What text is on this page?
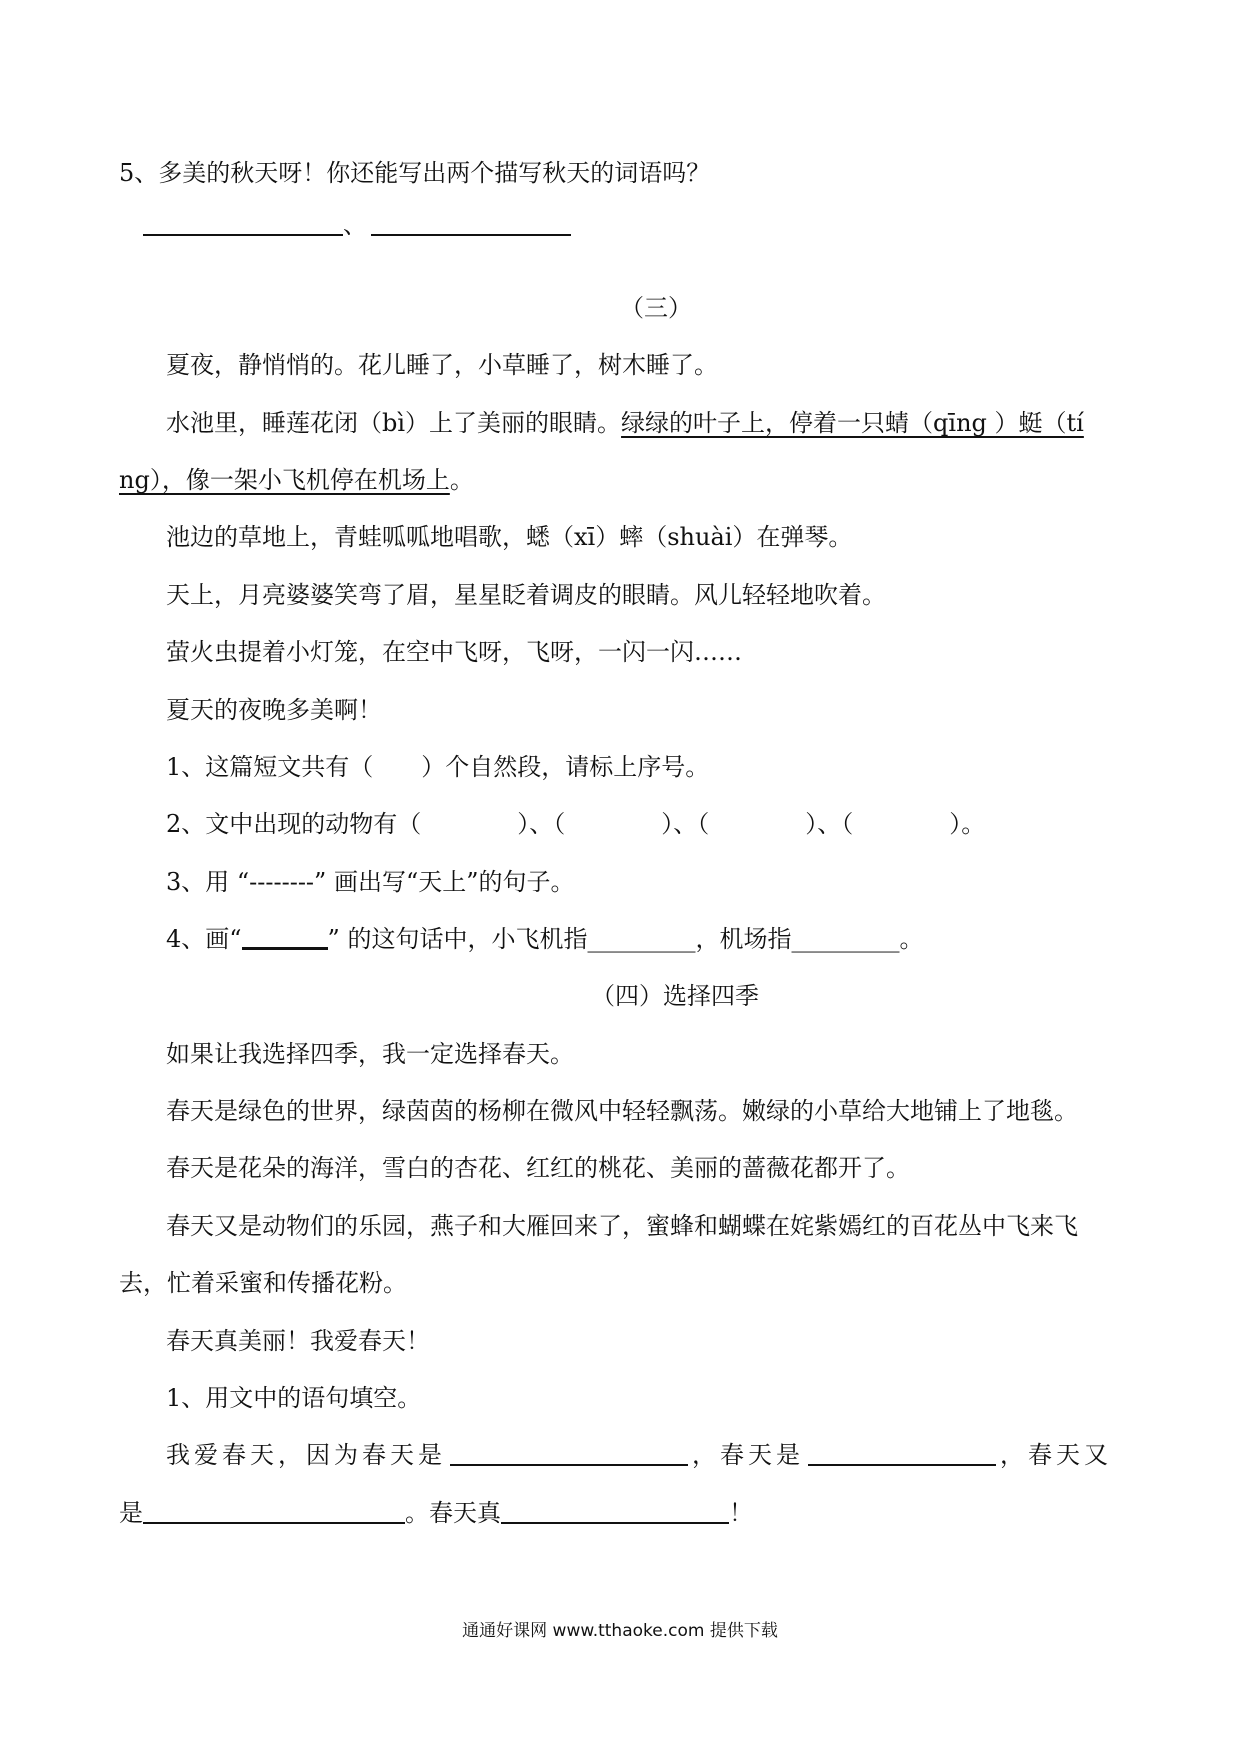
5、多美的秋天呀！你还能写出两个描写秋天的词语吗？
、
（三）
夏夜，静悄悄的。花儿睡了，小草睡了，树木睡了。
水池里，睡莲花闭（bì）上了美丽的眼睛。绿绿的叶子上，停着一只蜻（qīng ）蜓（tí
ng），像一架小飞机停在机场上。
池边的草地上，青蛙呱呱地唱歌，蟋（xī）蟀（shuài）在弹琴。
天上，月亮婆婆笑弯了眉，星星眨着调皮的眼睛。风儿轻轻地吹着。
萤火虫提着小灯笼，在空中飞呀，飞呀，一闪一闪……
夏天的夜晚多美啊！
1、这篇短文共有（　　）个自然段，请标上序号。
2、文中出现的动物有（　　　　）、（　　　　）、（　　　　）、（　　　　）。
3、用 “--------” 画出写“天上”的句子。
4、画“	” 的这句话中，小飞机指_________，机场指_________。
（四）选择四季
如果让我选择四季，我一定选择春天。
春天是绿色的世界，绿茵茵的杨柳在微风中轻轻飘荡。嫩绿的小草给大地铺上了地毯。
春天是花朵的海洋，雪白的杏花、红红的桃花、美丽的蔷薇花都开了。
春天又是动物们的乐园，燕子和大雁回来了，蜜蜂和蝴蝶在姹紫嫣红的百花丛中飞来飞
去，忙着采蜜和传播花粉。
春天真美丽！我爱春天！
1、用文中的语句填空。
我爱春天，因为春天是	，春天是	，春天又
是	。春天真	！
通通好课网 www.tthaoke.com 提供下载
